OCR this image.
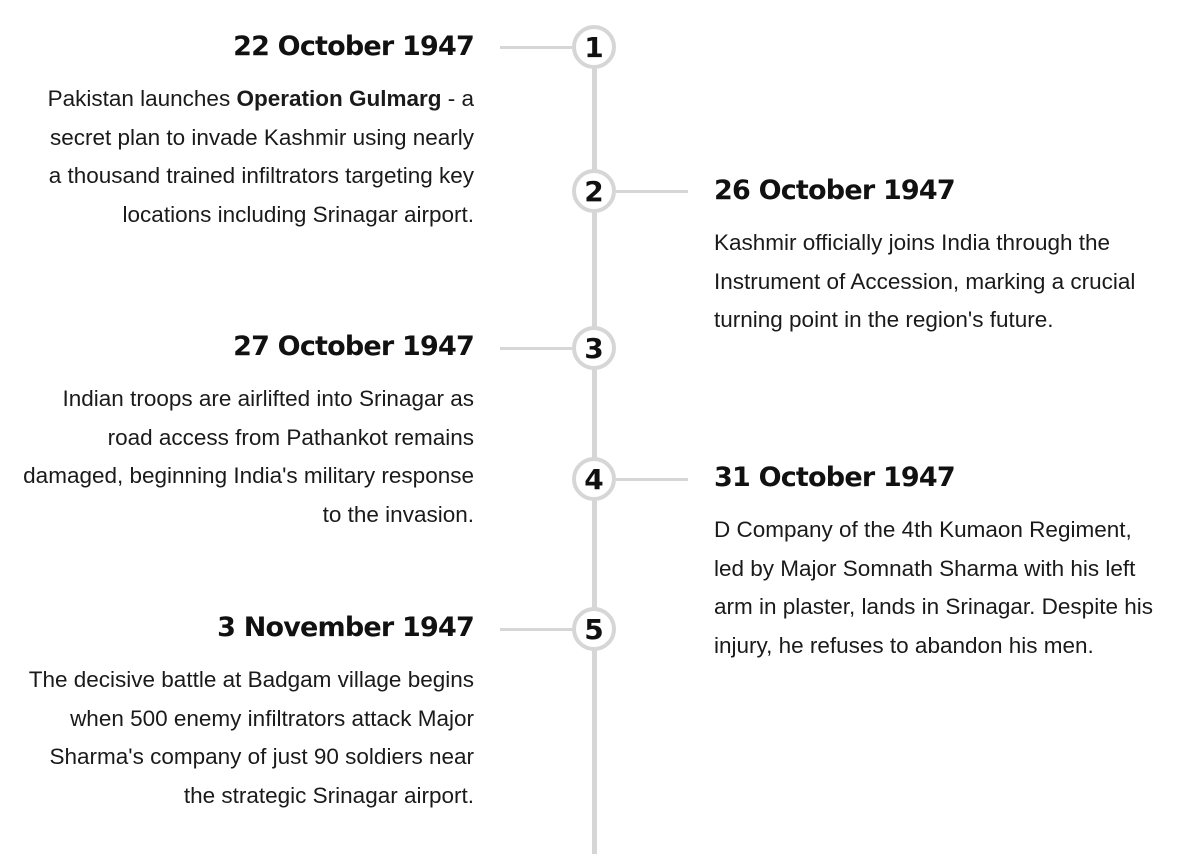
1
22 October 1947

Pakistan launches Operation Gulmarg - a secret plan to invade Kashmir using nearly a thousand trained infiltrators targeting key locations including Srinagar airport.

2	26 October 1947

Kashmir officially joins India through the Instrument of Accession, marking a crucial turning point in the region's future.

3
27 October 1947

Indian troops are airlifted into Srinagar as road access from Pathankot remains damaged, beginning India's military response to the invasion.

4	31 October 1947

D Company of the 4th Kumaon Regiment, led by Major Somnath Sharma with his left arm in plaster, lands in Srinagar. Despite his injury, he refuses to abandon his men.

5
3 November 1947

The decisive battle at Badgam village begins when 500 enemy infiltrators attack Major Sharma's company of just 90 soldiers near the strategic Srinagar airport.
